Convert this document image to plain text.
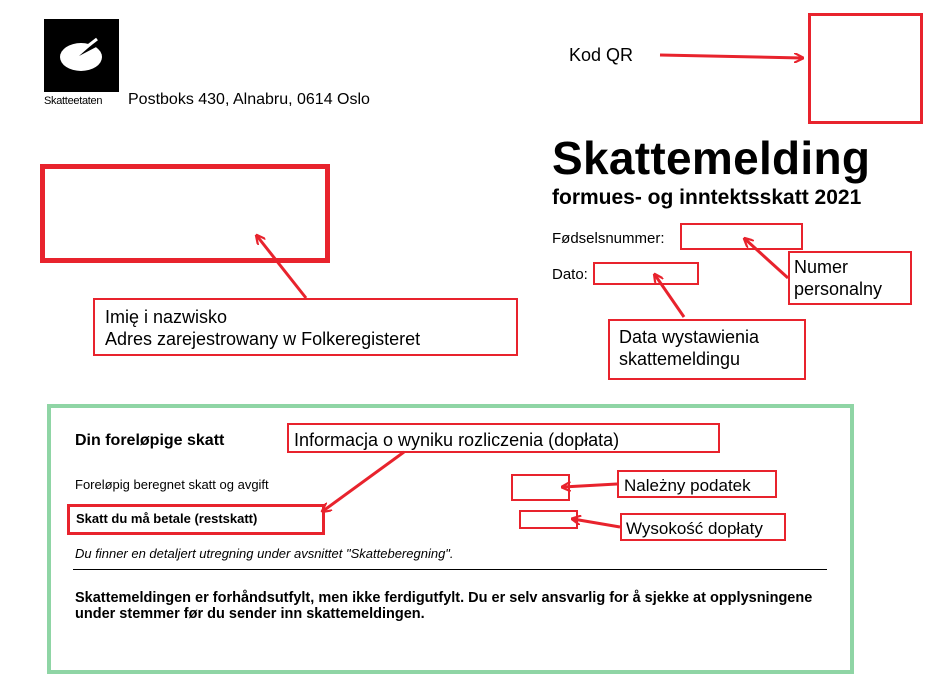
Skatteetaten Postboks 430, Alnabru, 0614 Oslo
Kod QR
Skattemelding
formues- og inntektsskatt 2021
Fødselsnummer:
Dato:
Imię i nazwisko
Adres zarejestrowany w Folkeregisteret
Numer
personalny
Data wystawienia
skattemeldingu
Din foreløpige skatt	Informacja o wyniku rozliczenia (dopłata)
Foreløpig beregnet skatt og avgift
Skatt du må betale (restskatt)
Należny podatek
Wysokość dopłaty
Du finner en detaljert utregning under avsnittet "Skatteberegning".
Skattemeldingen er forhåndsutfylt, men ikke ferdigutfylt. Du er selv ansvarlig for å sjekke at opplysningene under stemmer før du sender inn skattemeldingen.
